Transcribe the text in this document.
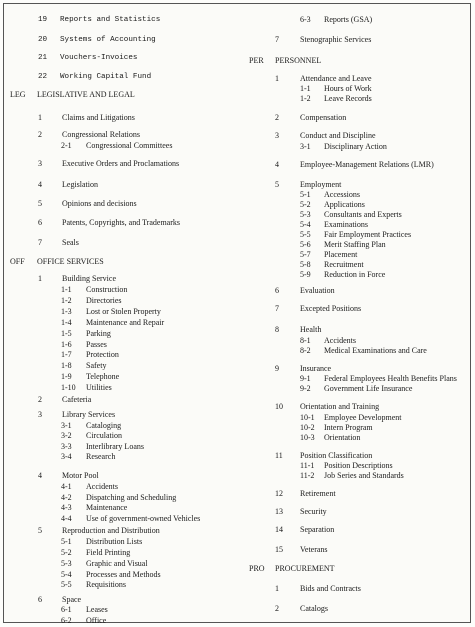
19 Reports and Statistics
20 Systems of Accounting
21 Vouchers-Invoices
22 Working Capital Fund
LEG LEGISLATIVE AND LEGAL
1	Claims and Litigations
2	Congressional Relations
2-1 Congressional Committees
3	Executive Orders and Proclamations
4	Legislation
5	Opinions and decisions
6	Patents, Copyrights, and Trademarks
7	Seals
OFF OFFICE SERVICES
1	Building Service
1-1 Construction
1-2 Directories
1-3 Lost or Stolen Property
1-4 Maintenance and Repair
1-5 Parking
1-6 Passes
1-7 Protection
1-8 Safety
1-9 Telephone
1-10 Utilities
2	Cafeteria
3	Library Services
3-1 Cataloging
3-2 Circulation
3-3 Interlibrary Loans
3-4 Research
4	Motor Pool
4-1 Accidents
4-2 Dispatching and Scheduling
4-3 Maintenance
4-4 Use of government-owned Vehicles
5	Reproduction and Distribution
5-1 Distribution Lists
5-2 Field Printing
5-3 Graphic and Visual
5-4 Processes and Methods
5-5 Requisitions
6	Space
6-1 Leases
6-2 Office
6-3 Reports (GSA)
7	Stenographic Services
PER PERSONNEL
1	Attendance and Leave
1-1 Hours of Work
1-2 Leave Records
2	Compensation
3	Conduct and Discipline
3-1 Disciplinary Action
4	Employee-Management Relations (LMR)
5	Employment
5-1 Accessions
5-2 Applications
5-3 Consultants and Experts
5-4 Examinations
5-5 Fair Employment Practices
5-6 Merit Staffing Plan
5-7 Placement
5-8 Recruitment
5-9 Reduction in Force
6	Evaluation
7	Excepted Positions
8	Health
8-1 Accidents
8-2 Medical Examinations and Care
9	Insurance
9-1 Federal Employees Health Benefits Plans
9-2 Government Life Insurance
10 Orientation and Training
10-1 Employee Development
10-2 Intern Program
10-3 Orientation
11 Position Classification
11-1 Position Descriptions
11-2 Job Series and Standards
12 Retirement
13 Security
14 Separation
15 Veterans
PRO PROCUREMENT
1	Bids and Contracts
2	Catalogs
